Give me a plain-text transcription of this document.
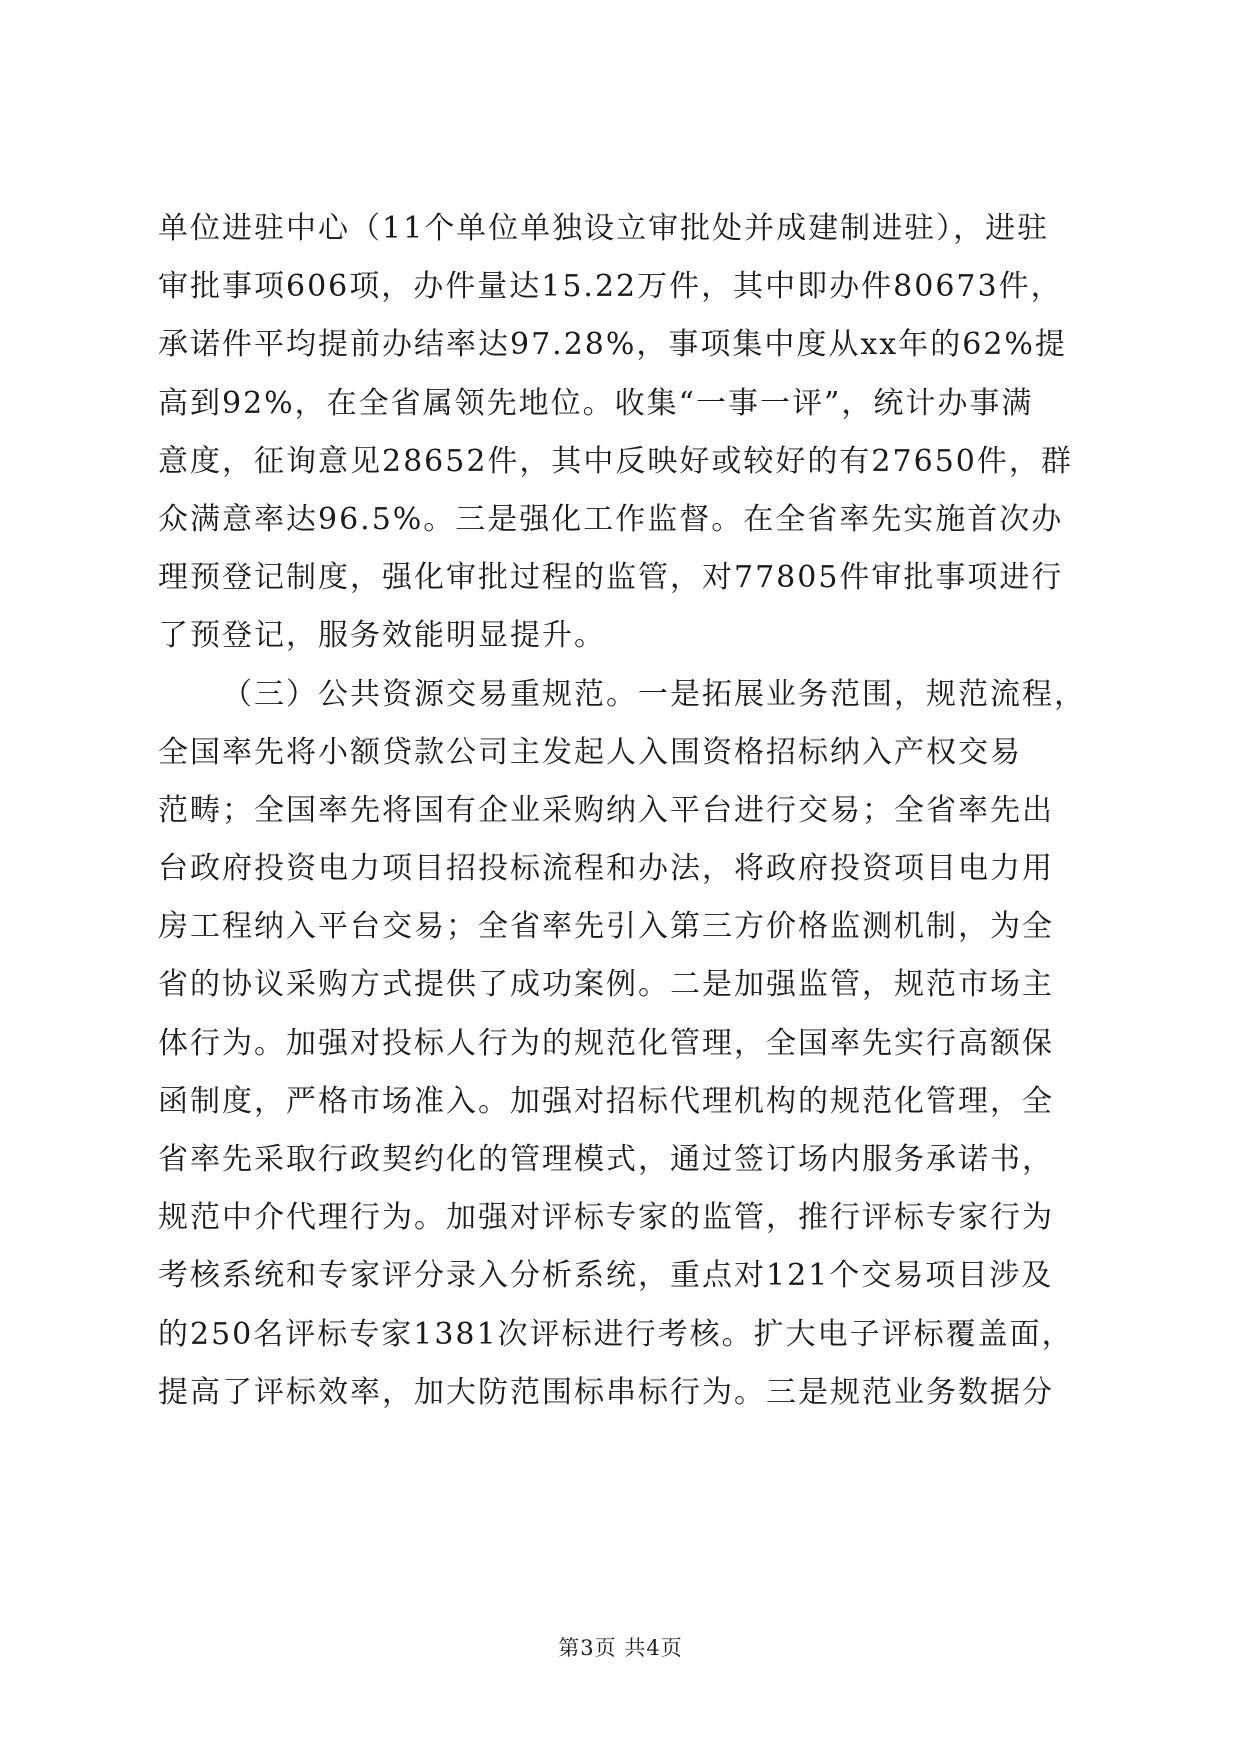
单位进驻中心（11个单位单独设立审批处并成建制进驻），进驻
审批事项606项，办件量达15.22万件，其中即办件80673件，
承诺件平均提前办结率达97.28%，事项集中度从xx年的62%提
高到92%，在全省属领先地位。收集“一事一评”，统计办事满
意度，征询意见28652件，其中反映好或较好的有27650件，群
众满意率达96.5%。三是强化工作监督。在全省率先实施首次办
理预登记制度，强化审批过程的监管，对77805件审批事项进行
了预登记，服务效能明显提升。
（三）公共资源交易重规范。一是拓展业务范围，规范流程，
全国率先将小额贷款公司主发起人入围资格招标纳入产权交易
范畴；全国率先将国有企业采购纳入平台进行交易；全省率先出
台政府投资电力项目招投标流程和办法，将政府投资项目电力用
房工程纳入平台交易；全省率先引入第三方价格监测机制，为全
省的协议采购方式提供了成功案例。二是加强监管，规范市场主
体行为。加强对投标人行为的规范化管理，全国率先实行高额保
函制度，严格市场准入。加强对招标代理机构的规范化管理，全
省率先采取行政契约化的管理模式，通过签订场内服务承诺书，
规范中介代理行为。加强对评标专家的监管，推行评标专家行为
考核系统和专家评分录入分析系统，重点对121个交易项目涉及
的250名评标专家1381次评标进行考核。扩大电子评标覆盖面，
提高了评标效率，加大防范围标串标行为。三是规范业务数据分
第3页 共4页
